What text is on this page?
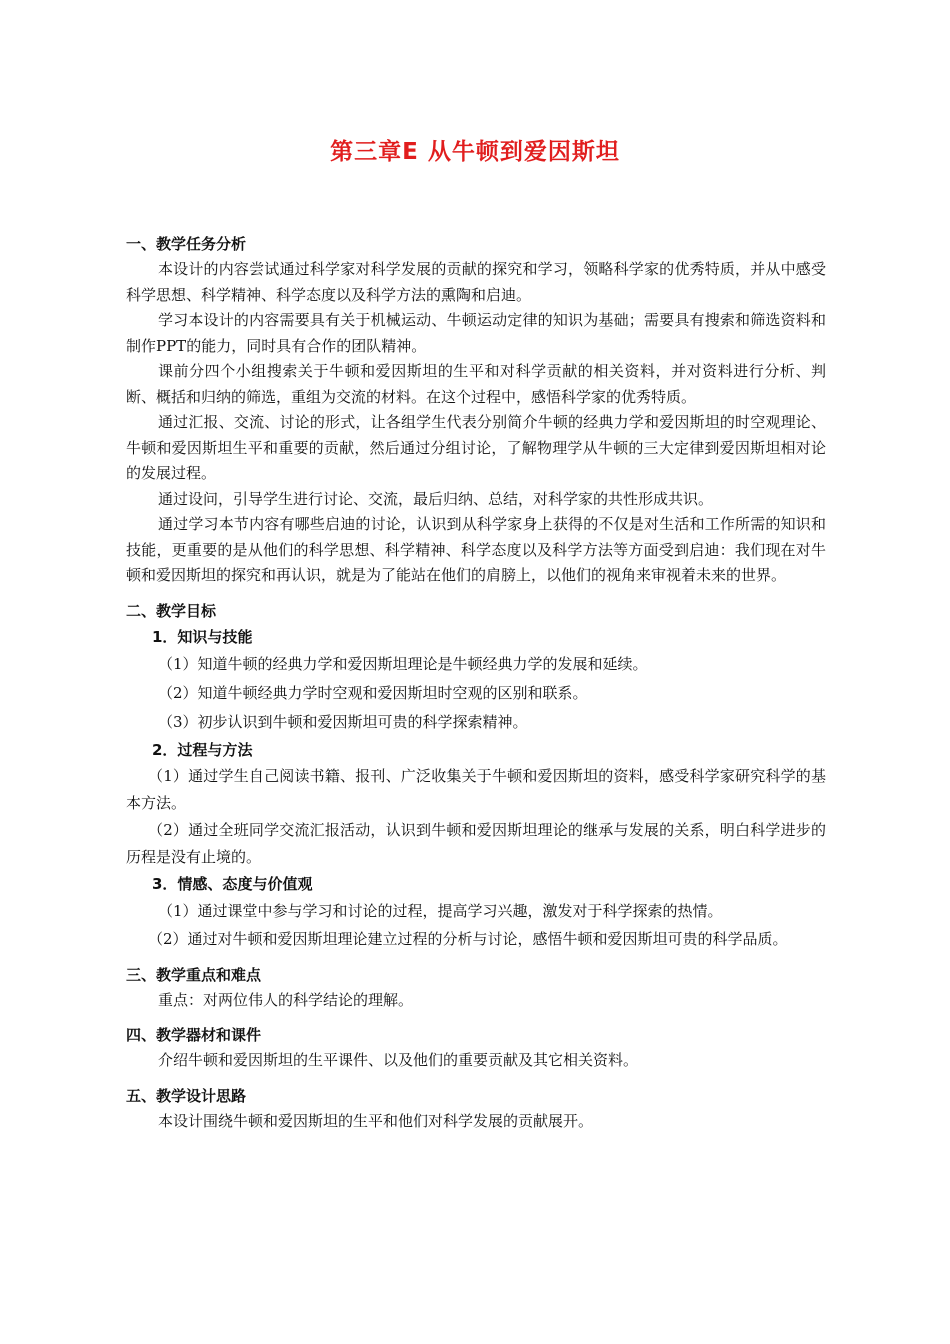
第三章E 从牛顿到爱因斯坦
一、教学任务分析
本设计的内容尝试通过科学家对科学发展的贡献的探究和学习，领略科学家的优秀特质，并从中感受科学思想、科学精神、科学态度以及科学方法的熏陶和启迪。
学习本设计的内容需要具有关于机械运动、牛顿运动定律的知识为基础；需要具有搜索和筛选资料和制作PPT的能力，同时具有合作的团队精神。
课前分四个小组搜索关于牛顿和爱因斯坦的生平和对科学贡献的相关资料，并对资料进行分析、判断、概括和归纳的筛选，重组为交流的材料。在这个过程中，感悟科学家的优秀特质。
通过汇报、交流、讨论的形式，让各组学生代表分别简介牛顿的经典力学和爱因斯坦的时空观理论、牛顿和爱因斯坦生平和重要的贡献，然后通过分组讨论，了解物理学从牛顿的三大定律到爱因斯坦相对论的发展过程。
通过设问，引导学生进行讨论、交流，最后归纳、总结，对科学家的共性形成共识。
通过学习本节内容有哪些启迪的讨论，认识到从科学家身上获得的不仅是对生活和工作所需的知识和技能，更重要的是从他们的科学思想、科学精神、科学态度以及科学方法等方面受到启迪：我们现在对牛顿和爱因斯坦的探究和再认识，就是为了能站在他们的肩膀上，以他们的视角来审视着未来的世界。
二、教学目标
1．知识与技能
（1）知道牛顿的经典力学和爱因斯坦理论是牛顿经典力学的发展和延续。
（2）知道牛顿经典力学时空观和爱因斯坦时空观的区别和联系。
（3）初步认识到牛顿和爱因斯坦可贵的科学探索精神。
2．过程与方法
（1）通过学生自己阅读书籍、报刊、广泛收集关于牛顿和爱因斯坦的资料，感受科学家研究科学的基本方法。
（2）通过全班同学交流汇报活动，认识到牛顿和爱因斯坦理论的继承与发展的关系，明白科学进步的历程是没有止境的。
3．情感、态度与价值观
（1）通过课堂中参与学习和讨论的过程，提高学习兴趣，激发对于科学探索的热情。
（2）通过对牛顿和爱因斯坦理论建立过程的分析与讨论，感悟牛顿和爱因斯坦可贵的科学品质。
三、教学重点和难点
重点：对两位伟人的科学结论的理解。
四、教学器材和课件
介绍牛顿和爱因斯坦的生平课件、以及他们的重要贡献及其它相关资料。
五、教学设计思路
本设计围绕牛顿和爱因斯坦的生平和他们对科学发展的贡献展开。
